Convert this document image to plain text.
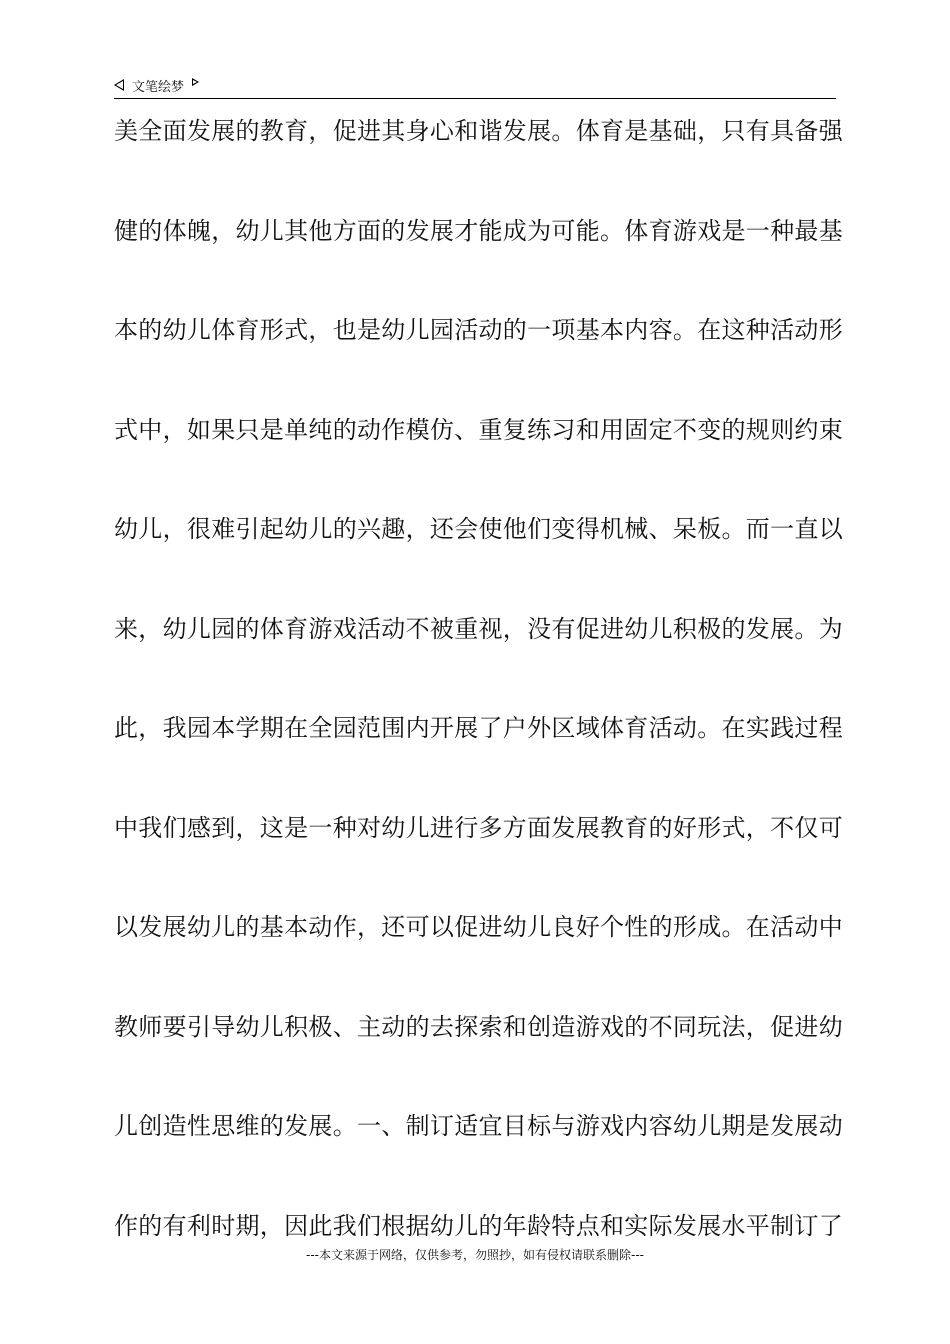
文笔绘梦
美全面发展的教育，促进其身心和谐发展。体育是基础，只有具备强
健的体魄，幼儿其他方面的发展才能成为可能。体育游戏是一种最基
本的幼儿体育形式，也是幼儿园活动的一项基本内容。在这种活动形
式中，如果只是单纯的动作模仿、重复练习和用固定不变的规则约束
幼儿，很难引起幼儿的兴趣，还会使他们变得机械、呆板。而一直以
来，幼儿园的体育游戏活动不被重视，没有促进幼儿积极的发展。为
此，我园本学期在全园范围内开展了户外区域体育活动。在实践过程
中我们感到，这是一种对幼儿进行多方面发展教育的好形式，不仅可
以发展幼儿的基本动作，还可以促进幼儿良好个性的形成。在活动中
教师要引导幼儿积极、主动的去探索和创造游戏的不同玩法，促进幼
儿创造性思维的发展。一、制订适宜目标与游戏内容幼儿期是发展动
作的有利时期，因此我们根据幼儿的年龄特点和实际发展水平制订了
---本文来源于网络，仅供参考，勿照抄，如有侵权请联系删除---
